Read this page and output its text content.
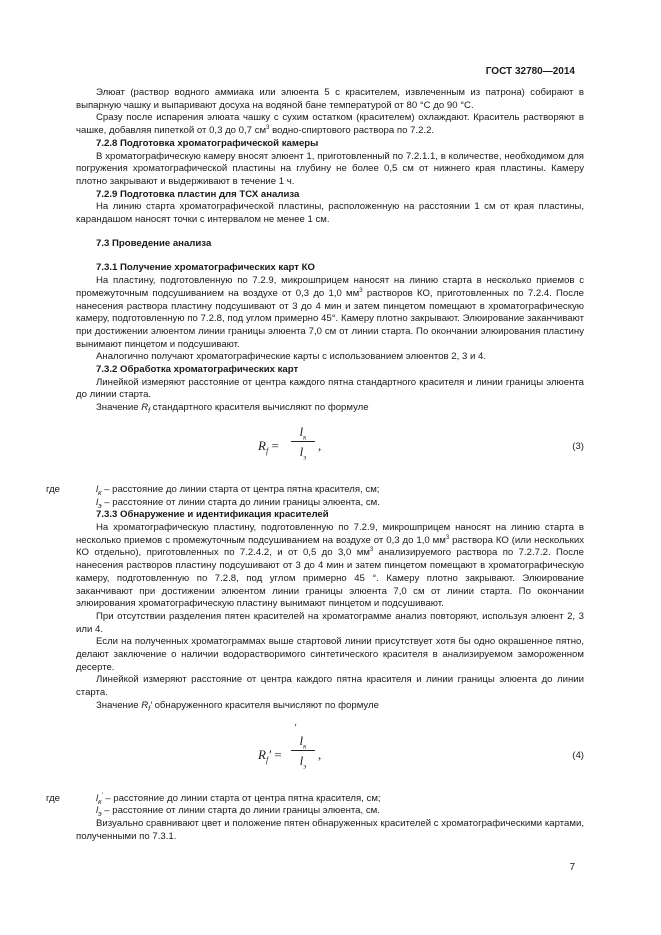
ГОСТ 32780—2014

Элюат (раствор водного аммиака или элюента 5 с красителем, извлеченным из патрона) собирают в выпарную чашку и выпаривают досуха на водяной бане температурой от 80 °С до 90 °С.

Сразу после испарения элюата чашку с сухим остатком (красителем) охлаждают. Краситель растворяют в чашке, добавляя пипеткой от 0,3 до 0,7 $см^3$ водно-спиртового раствора по 7.2.2.

7.2.8 Подготовка хроматографической камеры

В хроматографическую камеру вносят элюент 1, приготовленный по 7.2.1.1, в количестве, необходимом для погружения хроматографической пластины на глубину не более 0,5 см от нижнего края пластины. Камеру плотно закрывают и выдерживают в течение 1 ч.

7.2.9 Подготовка пластин для ТСХ анализа

На линию старта хроматографической пластины, расположенную на расстоянии 1 см от края пластины, карандашом наносят точки с интервалом не менее 1 см.

7.3 Проведение анализа

7.3.1 Получение хроматографических карт КО

На пластину, подготовленную по 7.2.9, микрошприцем наносят на линию старта в несколько приемов с промежуточным подсушиванием на воздухе от 0,3 до 1,0 $мм^3$ растворов КО, приготовленных по 7.2.4. После нанесения раствора пластину подсушивают от 3 до 4 мин и затем пинцетом помещают в хроматографическую камеру, подготовленную по 7.2.8, под углом примерно 45°. Камеру плотно закрывают. Элюирование заканчивают при достижении элюентом линии границы элюента 7,0 см от линии старта. По окончании элюирования пластину вынимают пинцетом и подсушивают.

Аналогично получают хроматографические карты с использованием элюентов 2, 3 и 4.

7.3.2 Обработка хроматографических карт

Линейкой измеряют расстояние от центра каждого пятна стандартного красителя и линии границы элюента до линии старта.

Значение $R_f$ стандартного красителя вычисляют по формуле

$R_f$ =
$l_к$
$l_э$
,	(3)

где	$l_к$ – расстояние до линии старта от центра пятна красителя, см;

$l_э$ – расстояние от линии старта до линии границы элюента, см.

7.3.3 Обнаружение и идентификация красителей

На хроматографическую пластину, подготовленную по 7.2.9, микрошприцем наносят на линию старта в несколько приемов с промежуточным подсушиванием на воздухе от 0,3 до 1,0 $мм^3$ раствора КО (или нескольких КО отдельно), приготовленных по 7.2.4.2, и от 0,5 до 3,0 $мм^3$ анализируемого раствора по 7.2.7.2. После нанесения растворов пластину подсушивают от 3 до 4 мин и затем пинцетом помещают в хроматографическую камеру, подготовленную по 7.2.8, под углом примерно 45 °. Камеру плотно закрывают. Элюирование заканчивают при достижении элюентом линии границы элюента 7,0 см от линии старта. По окончании элюирования хроматографическую пластину вынимают пинцетом и подсушивают.

При отсутствии разделения пятен красителей на хроматограмме анализ повторяют, используя элюент 2, 3 или 4.

Если на полученных хроматограммах выше стартовой линии присутствует хотя бы одно окрашенное пятно, делают заключение о наличии водорастворимого синтетического красителя в анализируемом замороженном десерте.

Линейкой измеряют расстояние от центра каждого пятна красителя и линии границы элюента до линии старта.

Значение $R_f'$ обнаруженного красителя вычисляют по формуле

$R_f'$ =
′
$l_к$
$l_э$
,	(4)

где	$l_к'$ – расстояние до линии старта от центра пятна красителя, см;

$l_э$ – расстояние от линии старта до линии границы элюента, см.

Визуально сравнивают цвет и положение пятен обнаруженных красителей с хроматографическими картами, полученными по 7.3.1.

7
